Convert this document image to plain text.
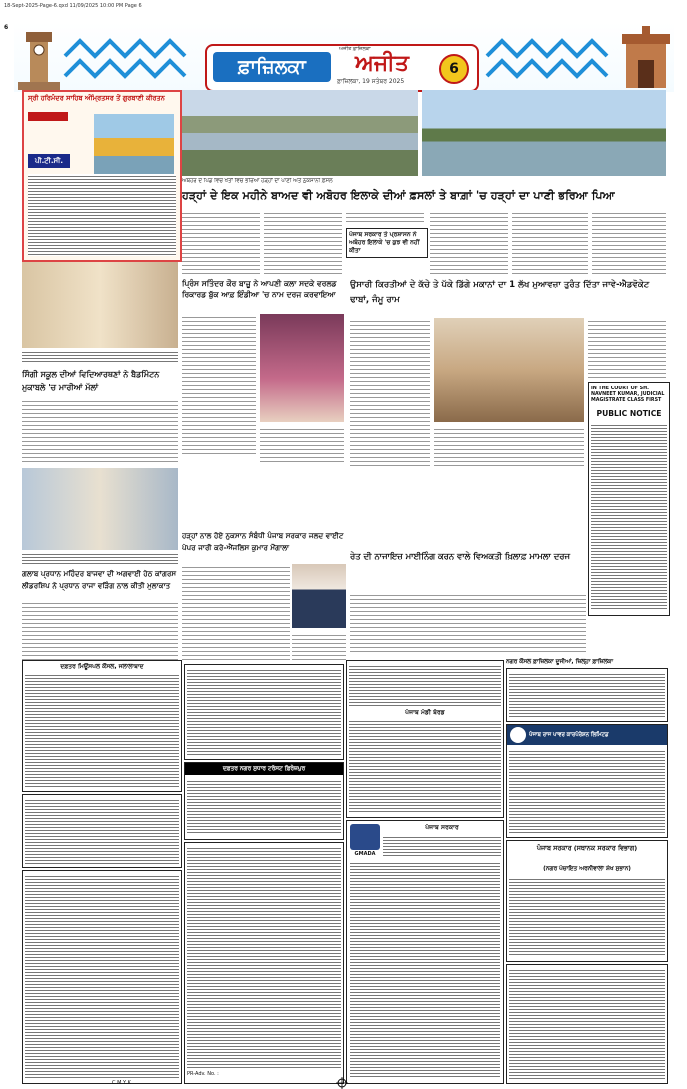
18-Sept-2025-Page-6.qxd 11/09/2025 10:00 PM Page 6
6
ਫ਼ਾਜ਼ਿਲਕਾ	ਅਜੀਤ
ਅਜੀਤ ਫ਼ਾਜ਼ਿਲਕਾ
ਫ਼ਾਜ਼ਿਲਕਾ, 19 ਸਤੰਬਰ 2025
6
ਸ੍ਰੀ ਹਰਿਮੰਦਰ ਸਾਹਿਬ ਅੰਮ੍ਰਿਤਸਰ ਤੋਂ ਗੁਰਬਾਣੀ ਕੀਰਤਨ
ਪੀ.ਟੀ.ਸੀ.
ਅਬੋਹਰ ਦੇ ਪਿੰਡ ਵਿਚ ਖੇਤਾਂ ਵਿਚ ਭਰਿਆ ਹੜ੍ਹਾਂ ਦਾ ਪਾਣੀ ਅਤੇ ਨੁਕਸਾਨੀ ਫ਼ਸਲ
ਹੜ੍ਹਾਂ ਦੇ ਇਕ ਮਹੀਨੇ ਬਾਅਦ ਵੀ ਅਬੋਹਰ ਇਲਾਕੇ ਦੀਆਂ ਫ਼ਸਲਾਂ ਤੇ ਬਾਗ਼ਾਂ 'ਚ ਹੜ੍ਹਾਂ ਦਾ ਪਾਣੀ ਭਰਿਆ ਪਿਆ
ਪੰਜਾਬ ਸਰਕਾਰ ਤੇ ਪ੍ਰਸ਼ਾਸਨ ਨੇ ਅਬੋਹਰ ਇਲਾਕੇ 'ਚ ਕੁਝ ਵੀ ਨਹੀਂ ਕੀਤਾ
ਸਿੰਗੀ ਸਕੂਲ ਦੀਆਂ ਵਿਦਿਆਰਥਣਾਂ ਨੇ ਬੈਡਮਿੰਟਨ ਮੁਕਾਬਲੇ 'ਚ ਮਾਰੀਆਂ ਮੱਲਾਂ
ਪ੍ਰਿੰਸ ਸਤਿੰਦਰ ਕੌਰ ਬਾਜ਼ੂ ਨੇ ਆਪਣੀ ਕਲਾ ਸਦਕੇ ਵਰਲਡ ਰਿਕਾਰਡ ਬੁੱਕ ਆਫ਼ ਇੰਡੀਆ 'ਚ ਨਾਮ ਦਰਜ ਕਰਵਾਇਆ
ਉਸਾਰੀ ਕਿਰਤੀਆਂ ਦੇ ਕੱਚੇ ਤੇ ਪੱਕੇ ਡਿੱਗੇ ਮਕਾਨਾਂ ਦਾ 1 ਲੱਖ ਮੁਆਵਜ਼ਾ ਤੁਰੰਤ ਦਿੱਤਾ ਜਾਵੇ-ਐਡਵੋਕੇਟ ਢਾਬਾਂ, ਜੰਮੂ ਰਾਮ
IN THE COURT OF SH. NAVNEET KUMAR, JUDICIAL MAGISTRATE CLASS FIRST
PUBLIC NOTICE
ਗਲਾਬ ਪ੍ਰਧਾਨ ਮਹਿੰਦਰ ਬਾਜਵਾ ਦੀ ਅਗਵਾਈ ਹੇਠ ਕਾਂਗਰਸ ਲੀਡਰਸ਼ਿਪ ਨੇ ਪ੍ਰਧਾਨ ਰਾਜਾ ਵੜਿੰਗ ਨਾਲ ਕੀਤੀ ਮੁਲਾਕਾਤ
ਹੜ੍ਹਾਂ ਨਾਲ ਹੋਏ ਨੁਕਸਾਨ ਸੰਬੰਧੀ ਪੰਜਾਬ ਸਰਕਾਰ ਜਲਦ ਵਾਈਟ ਪੇਪਰ ਜਾਰੀ ਕਰੇ-ਐਂਜਲਿਸ ਕੁਮਾਰ ਮੌਂਗਾਲਾ
ਰੇਤ ਦੀ ਨਾਜਾਇਜ਼ ਮਾਈਨਿੰਗ ਕਰਨ ਵਾਲੇ ਵਿਅਕਤੀ ਖ਼ਿਲਾਫ਼ ਮਾਮਲਾ ਦਰਜ
ਦਫ਼ਤਰ ਮਿਊਂਸਪਲ ਕੌਂਸਲ, ਜਲਾਲਾਬਾਦ
ਪੰਜਾਬ ਮੰਡੀ ਬੋਰਡ
ਨਗਰ ਕੌਂਸਲ ਫ਼ਾਜ਼ਿਲਕਾ ਦੂਜੀਆਂ, ਜ਼ਿਲ੍ਹਾ ਫ਼ਾਜ਼ਿਲਕਾ
ਪੰਜਾਬ ਰਾਜ ਪਾਵਰ ਕਾਰਪੋਰੇਸ਼ਨ ਲਿਮਿਟਡ
ਦਫ਼ਤਰ ਨਗਰ ਸੁਧਾਰ ਟਰੱਸਟ ਫ਼ਿਰੋਜ਼ਪੁਰ
GMADA
ਪੰਜਾਬ ਸਰਕਾਰ
ਪੰਜਾਬ ਸਰਕਾਰ (ਸਥਾਨਕ ਸਰਕਾਰ ਵਿਭਾਗ)
(ਨਗਰ ਪੰਚਾਇਤ ਅਰਨੀਵਾਲਾ ਸ਼ੇਖ ਸੁਭਾਨ)
PR-Adv. No. :
C M Y K
